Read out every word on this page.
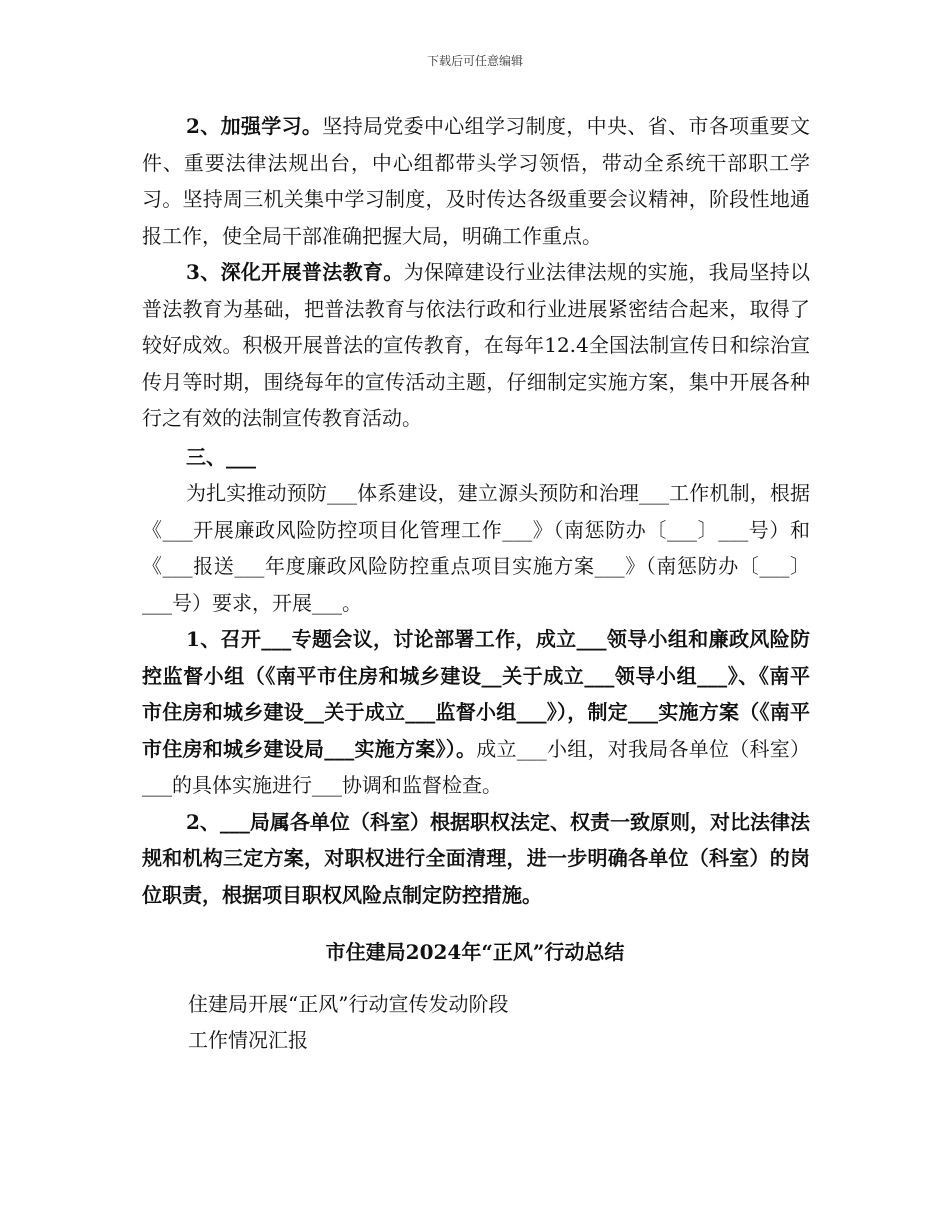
下载后可任意编辑

2、加强学习。坚持局党委中心组学习制度，中央、省、市各项重要文件、重要法律法规出台，中心组都带头学习领悟，带动全系统干部职工学习。坚持周三机关集中学习制度，及时传达各级重要会议精神，阶段性地通报工作，使全局干部准确把握大局，明确工作重点。

3、深化开展普法教育。为保障建设行业法律法规的实施，我局坚持以普法教育为基础，把普法教育与依法行政和行业进展紧密结合起来，取得了较好成效。积极开展普法的宣传教育，在每年12.4全国法制宣传日和综治宣传月等时期，围绕每年的宣传活动主题，仔细制定实施方案，集中开展各种行之有效的法制宣传教育活动。

三、___

为扎实推动预防___体系建设，建立源头预防和治理___工作机制，根据《___开展廉政风险防控项目化管理工作___》（南惩防办〔___〕___号）和《___报送___年度廉政风险防控重点项目实施方案___》（南惩防办〔___〕___号）要求，开展___。

1、召开___专题会议，讨论部署工作，成立___领导小组和廉政风险防控监督小组（《南平市住房和城乡建设__关于成立___领导小组___》、《南平市住房和城乡建设__关于成立___监督小组___》），制定___实施方案（《南平市住房和城乡建设局___实施方案》）。成立___小组，对我局各单位（科室）___的具体实施进行___协调和监督检查。

2、___局属各单位（科室）根据职权法定、权责一致原则，对比法律法规和机构三定方案，对职权进行全面清理，进一步明确各单位（科室）的岗位职责，根据项目职权风险点制定防控措施。

市住建局2024年“正风”行动总结

住建局开展“正风”行动宣传发动阶段

工作情况汇报
